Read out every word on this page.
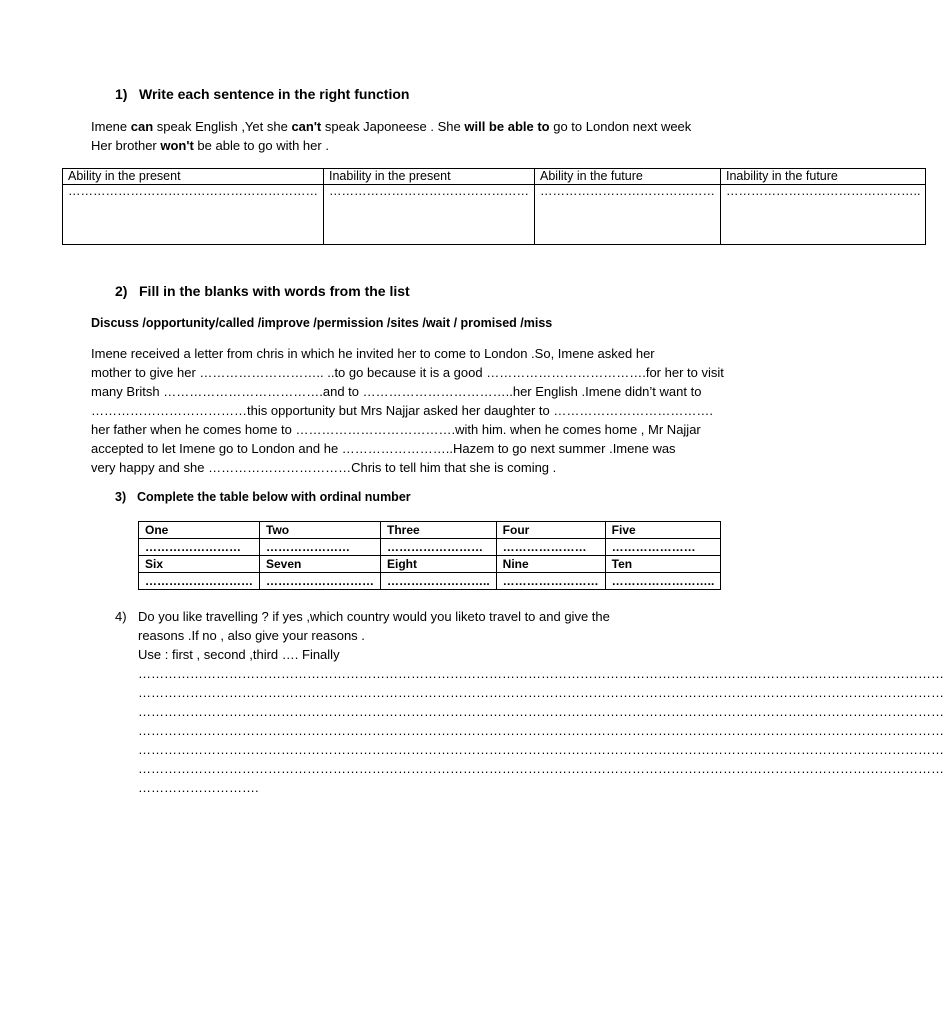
1) Write each sentence in the right function
Imene can speak English ,Yet she can't speak Japoneese . She will be able to go to London next week
Her brother won't be able to go with her .
Ability in the present	Inability in the present	Ability in the future	Inability in the future
……………………………………………………	…………………………………………	……………………………………	………………………………………..
2) Fill in the blanks with words from the list
Discuss /opportunity/called /improve /permission /sites /wait / promised /miss
Imene received a letter from chris in which he invited her to come to London .So, Imene asked her
mother to give her ……………………….. ..to go because it is a good ……………………………….for her to visit
many Britsh ……………………………….and to ……………………………..her English .Imene didn’t want to
………………………………this opportunity but Mrs Najjar asked her daughter to ……………………………….
her father when he comes home to ……………………………….with him. when he comes home , Mr Najjar
accepted to let Imene go to London and he ……………………..Hazem to go next summer .Imene was
very happy and she ……………………………Chris to tell him that she is coming .
3) Complete the table below with ordinal number
One	Two	Three	Four	Five
……………………	…………………	……………………	…………………	…………………
Six	Seven	Eight	Nine	Ten
………………………	………………………	……………………..	……………………	……………………..
4) Do you like travelling ? if yes ,which country would you liketo travel to and give the
reasons .If no , also give your reasons .
Use : first , second ,third …. Finally
……………………………………………………………………………………………………………………………………………………………………
……………………………………………………………………………………………………………………………………………………………………
……………………………………………………………………………………………………………………………………………………………………
……………………………………………………………………………………………………………………………………………………………………
……………………………………………………………………………………………………………………………………………………………………
……………………………………………………………………………………………………………………………………………………………………
……………………….
